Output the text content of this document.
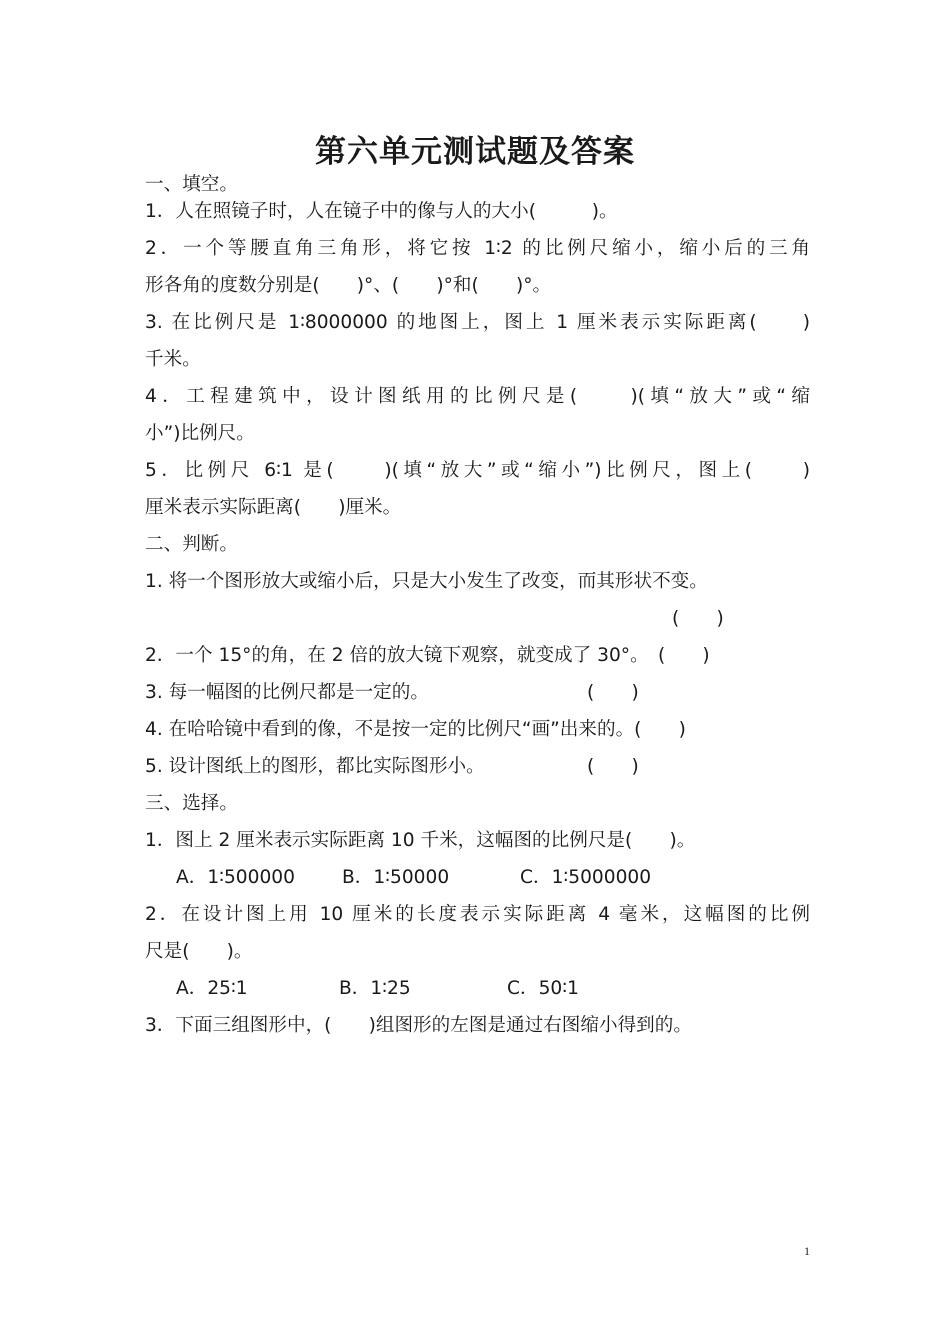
第六单元测试题及答案
一、填空。
1．人在照镜子时，人在镜子中的像与人的大小(　　　)。
2．一个等腰直角三角形，将它按 1∶2 的比例尺缩小，缩小后的三角
形各角的度数分别是(　　)°、(　　)°和(　　)°。
3. 在比例尺是 1∶8000000 的地图上，图上 1 厘米表示实际距离(　　)
千米。
4．工程建筑中，设计图纸用的比例尺是(　　)(填“放大”或“缩
小”)比例尺。
5．比例尺 6∶1 是(　　)(填“放大”或“缩小”)比例尺，图上(　　)
厘米表示实际距离(　　)厘米。
二、判断。
1. 将一个图形放大或缩小后，只是大小发生了改变，而其形状不变。
(　　)
2．一个 15°的角，在 2 倍的放大镜下观察，就变成了 30°。　(　　)
3. 每一幅图的比例尺都是一定的。　　　　　　　　　(　　)
4. 在哈哈镜中看到的像，不是按一定的比例尺“画”出来的。(　　)
5. 设计图纸上的图形，都比实际图形小。　　　　　　(　　)
三、选择。
1．图上 2 厘米表示实际距离 10 千米，这幅图的比例尺是(　　)。
A．1∶500000	B．1∶50000	C．1∶5000000
2．在设计图上用 10 厘米的长度表示实际距离 4 毫米，这幅图的比例
尺是(　　)。
A．25∶1	B．1∶25	C．50∶1
3．下面三组图形中，(　　)组图形的左图是通过右图缩小得到的。
1
